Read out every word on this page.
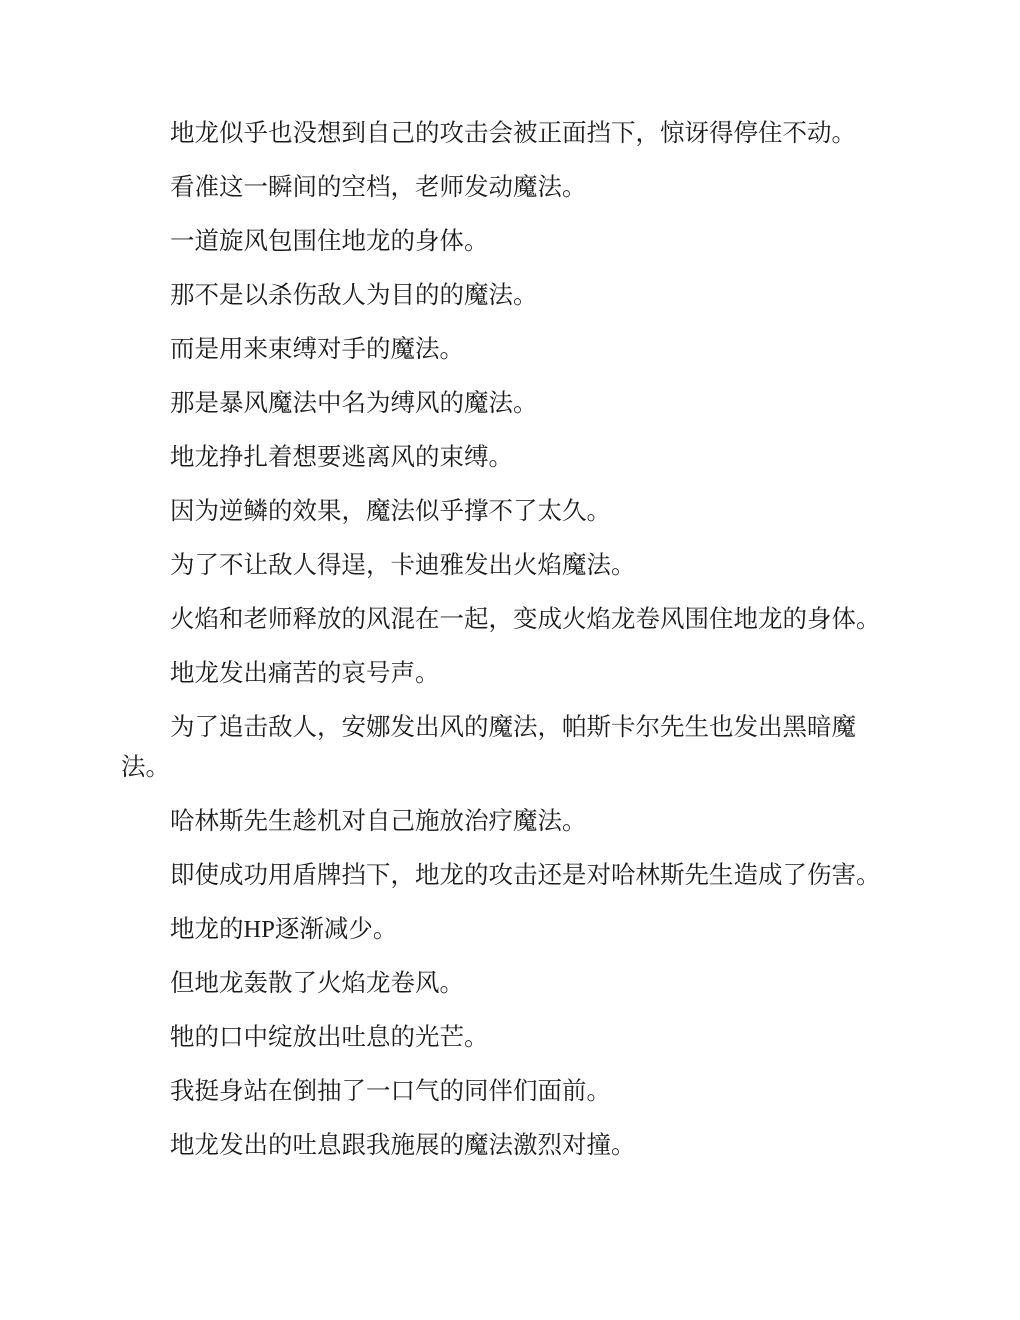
地龙似乎也没想到自己的攻击会被正面挡下，惊讶得停住不动。

看准这一瞬间的空档，老师发动魔法。

一道旋风包围住地龙的身体。

那不是以杀伤敌人为目的的魔法。

而是用来束缚对手的魔法。

那是暴风魔法中名为缚风的魔法。

地龙挣扎着想要逃离风的束缚。

因为逆鳞的效果，魔法似乎撑不了太久。

为了不让敌人得逞，卡迪雅发出火焰魔法。

火焰和老师释放的风混在一起，变成火焰龙卷风围住地龙的身体。

地龙发出痛苦的哀号声。

为了追击敌人，安娜发出风的魔法，帕斯卡尔先生也发出黑暗魔法。

哈林斯先生趁机对自己施放治疗魔法。

即使成功用盾牌挡下，地龙的攻击还是对哈林斯先生造成了伤害。

地龙的HP逐渐减少。

但地龙轰散了火焰龙卷风。

牠的口中绽放出吐息的光芒。

我挺身站在倒抽了一口气的同伴们面前。

地龙发出的吐息跟我施展的魔法激烈对撞。
